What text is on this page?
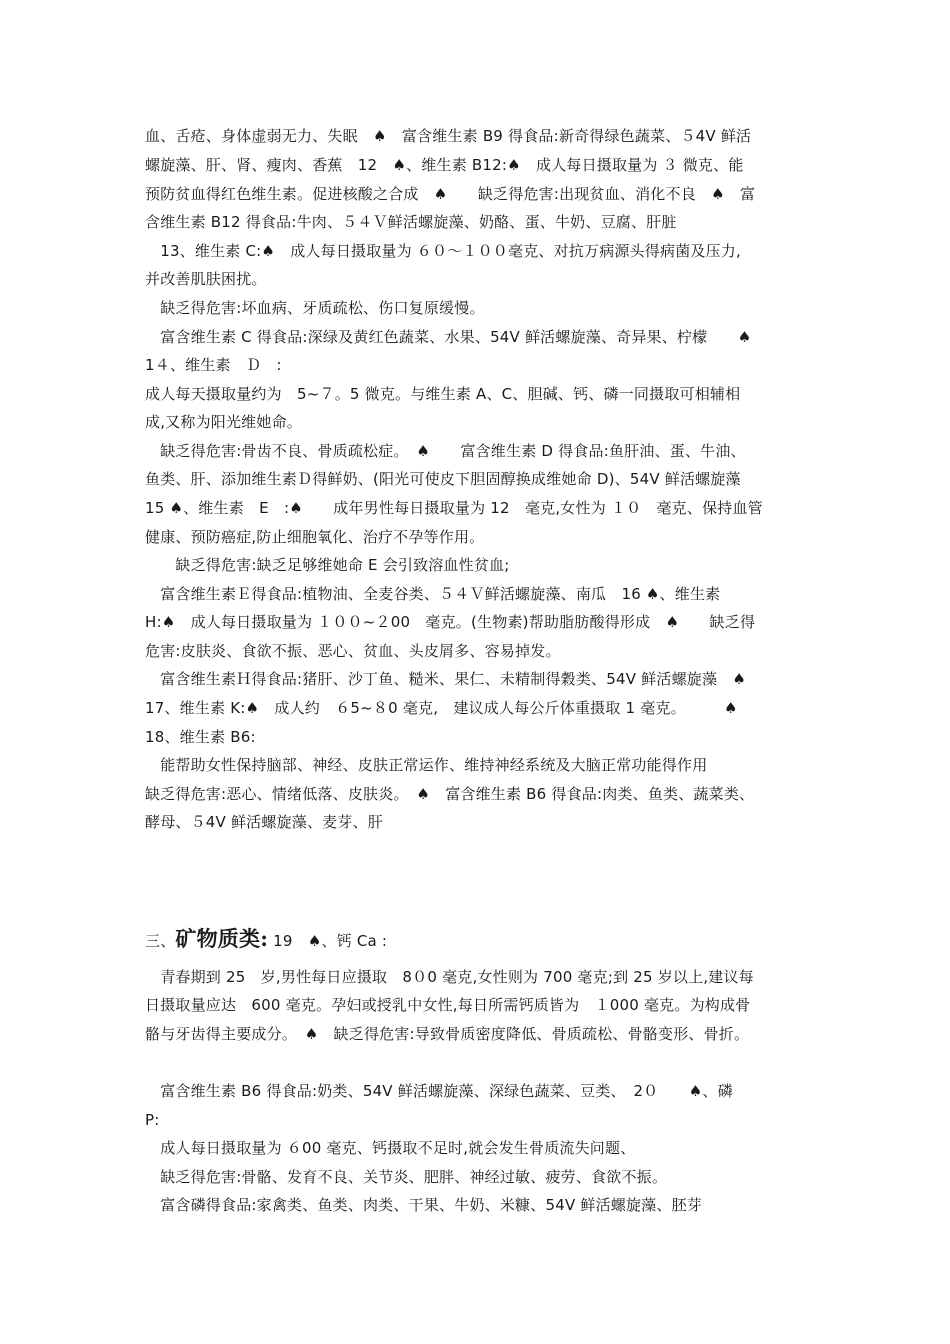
血、舌疮、身体虚弱无力、失眠　♠　富含维生素 B9 得食品:新奇得绿色蔬菜、５4V 鲜活
螺旋藻、肝、肾、瘦肉、香蕉　12　♠、维生素 B12:♠　成人每日摄取量为 ３ 微克、能
预防贫血得红色维生素。促进核酸之合成　♠　　缺乏得危害:出现贫血、消化不良　♠　富
含维生素 B12 得食品:牛肉、５４Ｖ鲜活螺旋藻、奶酪、蛋、牛奶、豆腐、肝脏
　13、维生素 C:♠　成人每日摄取量为 ６０～１００毫克、对抗万病源头得病菌及压力,
并改善肌肤困扰。
　缺乏得危害:坏血病、牙质疏松、伤口复原缓慢。
　富含维生素 C 得食品:深绿及黄红色蔬菜、水果、54V 鲜活螺旋藻、奇异果、柠檬　　♠
1４、维生素　Ｄ　:
成人每天摄取量约为　5~７。5 微克。与维生素 A、C、胆碱、钙、磷一同摄取可相辅相
成,又称为阳光维她命。
　缺乏得危害:骨齿不良、骨质疏松症。　♠　　富含维生素 D 得食品:鱼肝油、蛋、牛油、
鱼类、肝、添加维生素Ｄ得鲜奶、(阳光可使皮下胆固醇换成维她命 D)、54V 鲜活螺旋藻
15 ♠、维生素　E　:♠　　成年男性每日摄取量为 12　毫克,女性为 １０　毫克、保持血管
健康、预防癌症,防止细胞氧化、治疗不孕等作用。
　　缺乏得危害:缺乏足够维她命 E 会引致溶血性贫血;
　富含维生素Ｅ得食品:植物油、全麦谷类、５４Ｖ鲜活螺旋藻、南瓜　16 ♠、维生素
H:♠　成人每日摄取量为 １００~２00　毫克。(生物素)帮助脂肪酸得形成　♠　　缺乏得
危害:皮肤炎、食欲不振、恶心、贫血、头皮屑多、容易掉发。
　富含维生素Ｈ得食品:猪肝、沙丁鱼、糙米、果仁、未精制得穀类、54V 鲜活螺旋藻　♠
17、维生素 K:♠　成人约　６5~８0 毫克,　建议成人每公斤体重摄取 1 毫克。　　　♠
18、维生素 B6:
　能帮助女性保持脑部、神经、皮肤正常运作、维持神经系统及大脑正常功能得作用
缺乏得危害:恶心、情绪低落、皮肤炎。　♠　富含维生素 B6 得食品:肉类、鱼类、蔬菜类、
酵母、５4V 鲜活螺旋藻、麦芽、肝
三、矿物质类: 19　♠、钙 Ca :
　青春期到 25　岁,男性每日应摄取　8０0 毫克,女性则为 700 毫克;到 25 岁以上,建议每
日摄取量应达　600 毫克。孕妇或授乳中女性,每日所需钙质皆为　１000 毫克。为构成骨
骼与牙齿得主要成分。　♠　缺乏得危害:导致骨质密度降低、骨质疏松、骨骼变形、骨折。
　富含维生素 B6 得食品:奶类、54V 鲜活螺旋藻、深绿色蔬菜、豆类、　2０　　♠、磷
P:
　成人每日摄取量为 ６00 毫克、钙摄取不足时,就会发生骨质流失问题、
　缺乏得危害:骨骼、发育不良、关节炎、肥胖、神经过敏、疲劳、食欲不振。
　富含磷得食品:家禽类、鱼类、肉类、干果、牛奶、米糠、54V 鲜活螺旋藻、胚芽
